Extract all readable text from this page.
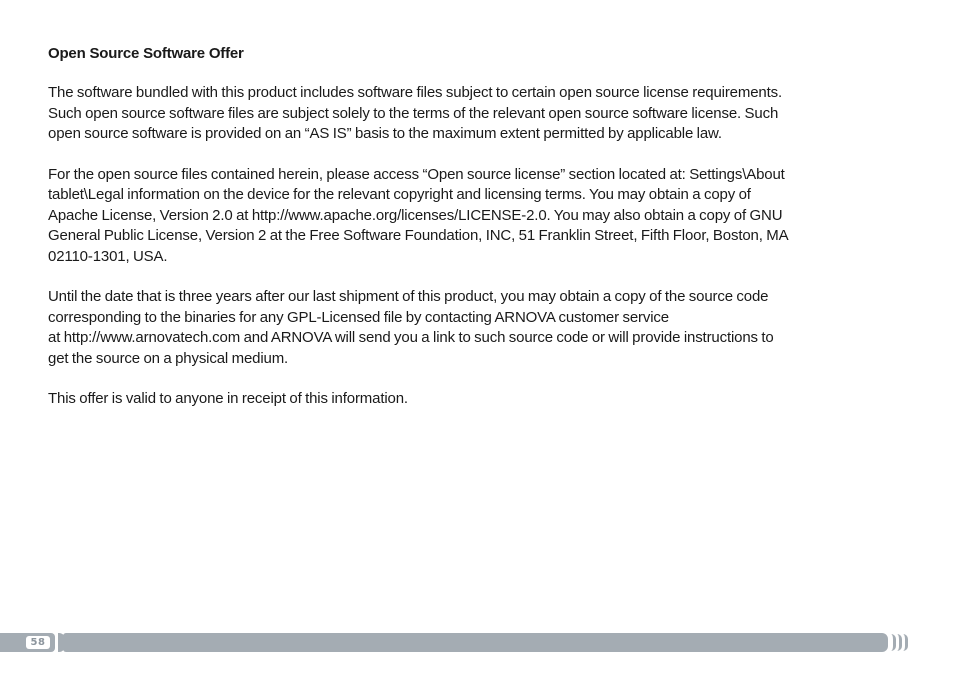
Open Source Software Offer
The software bundled with this product includes software files subject to certain open source license requirements.
Such open source software files are subject solely to the terms of the relevant open source software license. Such
open source software is provided on an “AS IS” basis to the maximum extent permitted by applicable law.
For the open source files contained herein, please access “Open source license” section located at: Settings\About
tablet\Legal information on the device for the relevant copyright and licensing terms. You may obtain a copy of
Apache License, Version 2.0 at http://www.apache.org/licenses/LICENSE-2.0. You may also obtain a copy of GNU
General Public License, Version 2 at the Free Software Foundation, INC, 51 Franklin Street, Fifth Floor, Boston, MA
02110-1301, USA.
Until the date that is three years after our last shipment of this product, you may obtain a copy of the source code
corresponding to the binaries for any GPL-Licensed file by contacting ARNOVA customer service
at http://www.arnovatech.com and ARNOVA will send you a link to such source code or will provide instructions to
get the source on a physical medium.
This offer is valid to anyone in receipt of this information.
58
